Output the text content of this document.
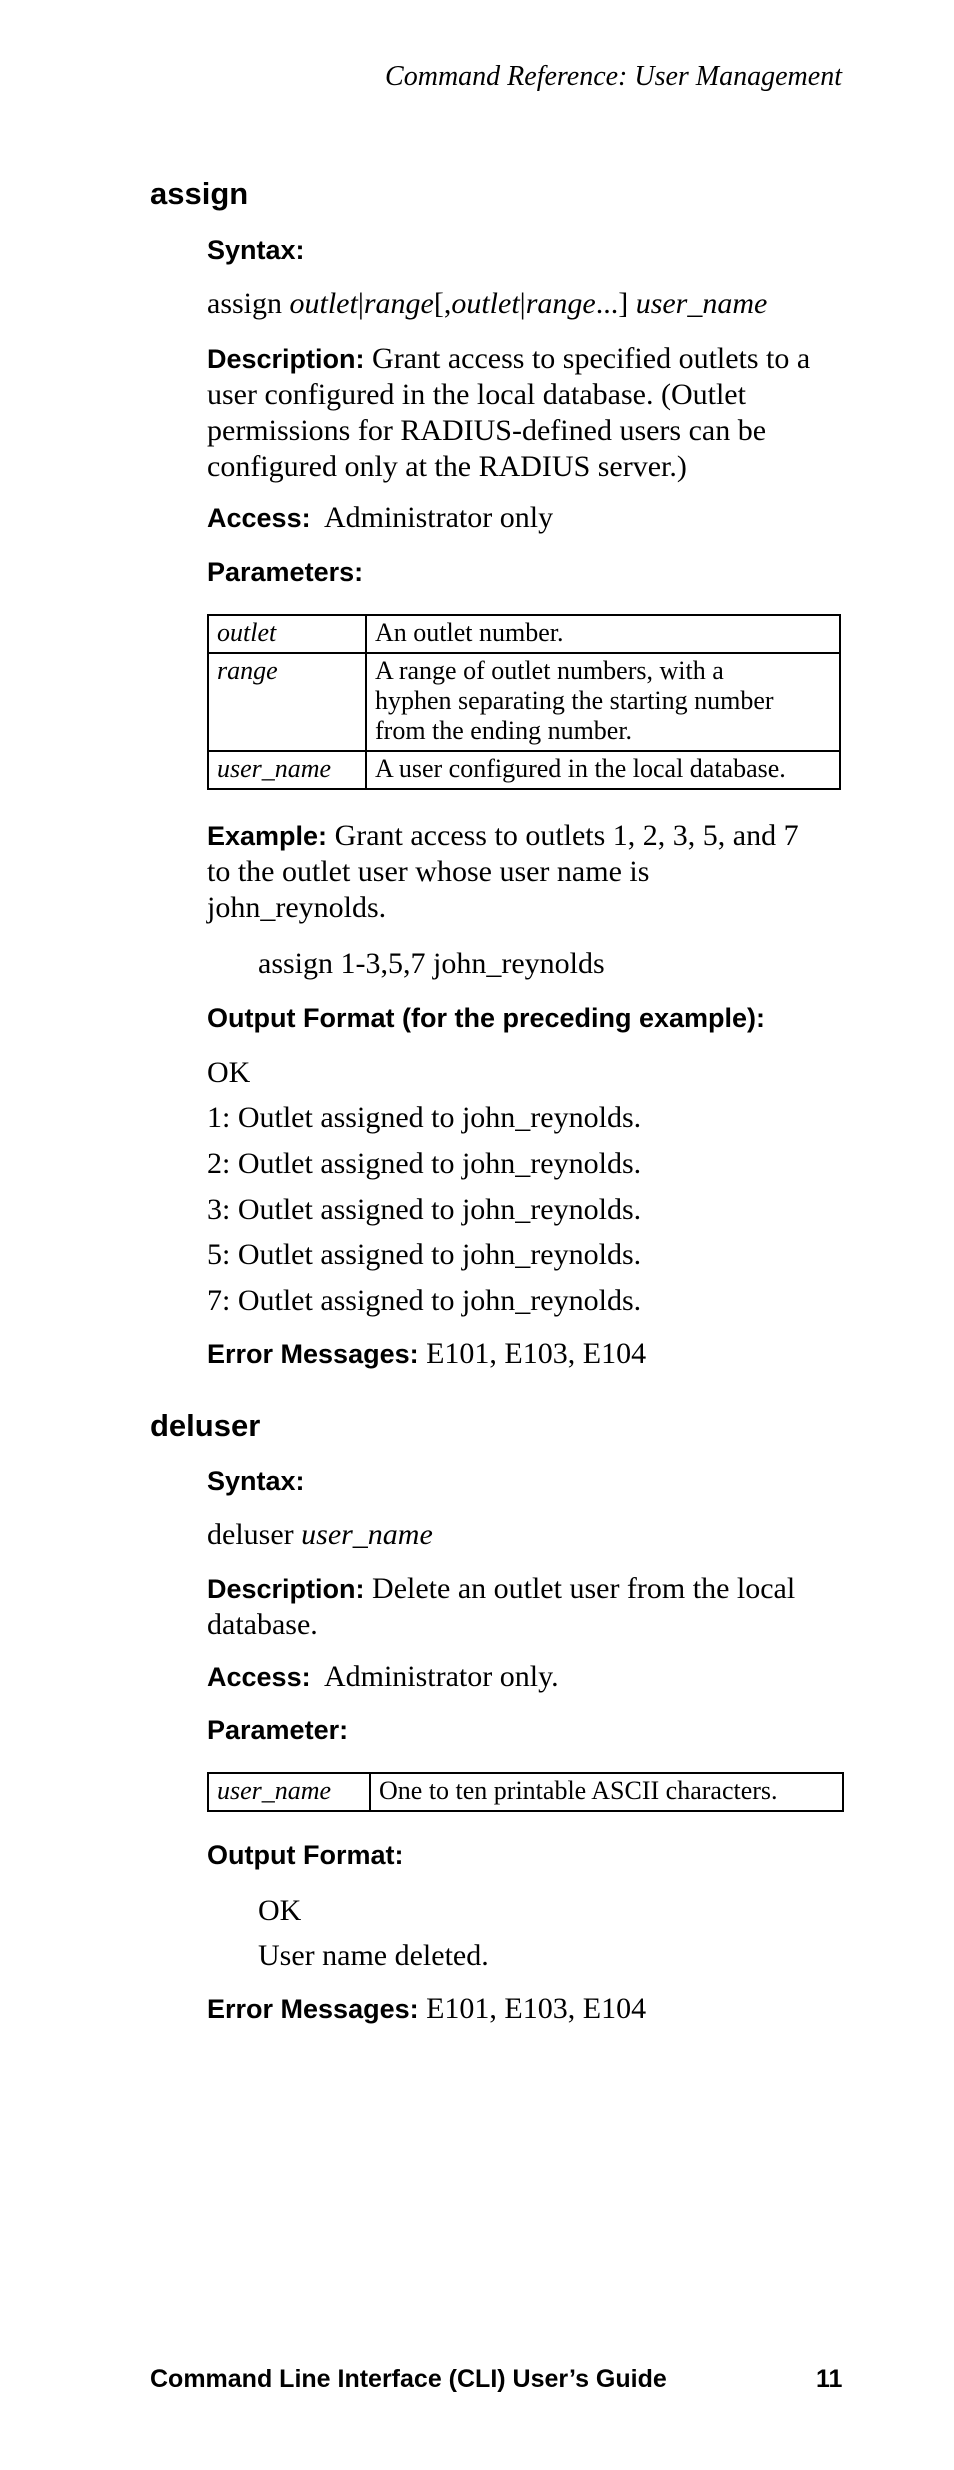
Command Reference: User Management
assign
Syntax:
assign outlet|range[,outlet|range...] user_name
Description: Grant access to specified outlets to a
user configured in the local database. (Outlet
permissions for RADIUS-defined users can be
configured only at the RADIUS server.)
Access: Administrator only
Parameters:
outlet	An outlet number.

range	A range of outlet numbers, with a
hyphen separating the starting number
from the ending number.

user_name	A user configured in the local database.
Example: Grant access to outlets 1, 2, 3, 5, and 7
to the outlet user whose user name is
john_reynolds.
assign 1-3,5,7 john_reynolds
Output Format (for the preceding example):
OK
1: Outlet assigned to john_reynolds.
2: Outlet assigned to john_reynolds.
3: Outlet assigned to john_reynolds.
5: Outlet assigned to john_reynolds.
7: Outlet assigned to john_reynolds.
Error Messages: E101, E103, E104
deluser
Syntax:
deluser user_name
Description: Delete an outlet user from the local
database.
Access: Administrator only.
Parameter:
user_name	One to ten printable ASCII characters.
Output Format:
OK
User name deleted.
Error Messages: E101, E103, E104
Command Line Interface (CLI) User’s Guide	11
